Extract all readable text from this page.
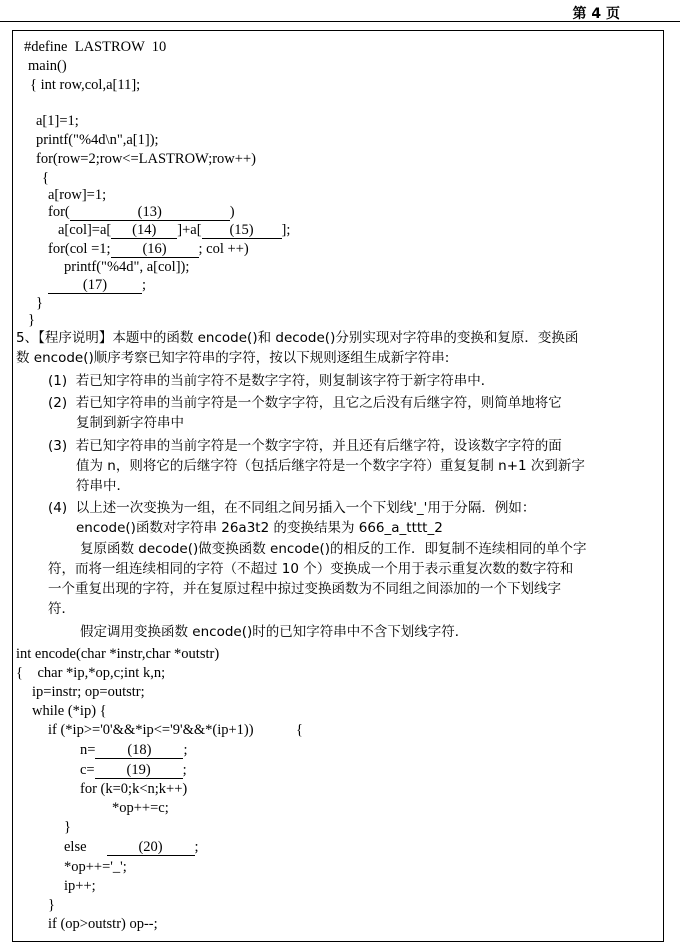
第 4 页
#define  LASTROW  10
main()
{ int row,col,a[11];
a[1]=1;
printf("%4d\n",a[1]);
for(row=2;row<=LASTROW;row++)
{
a[row]=1;
for(	(13)	)
a[col]=a[ (14) ]+a[ (15) ];
for(col =1; (16) ; col ++)
printf("%4d", a[col]);
(17) ;
}
}
5、【程序说明】本题中的函数 encode()和 decode()分别实现对字符串的变换和复原．变换函
数 encode()顺序考察已知字符串的字符，按以下规则逐组生成新字符串:
(1)  若已知字符串的当前字符不是数字字符，则复制该字符于新字符串中．
(2)  若已知字符串的当前字符是一个数字字符，且它之后没有后继字符，则简单地将它
复制到新字符串中
(3)  若已知字符串的当前字符是一个数字字符，并且还有后继字符，设该数字字符的面
值为 n，则将它的后继字符（包括后继字符是一个数字字符）重复复制 n+1 次到新字
符串中．
(4)  以上述一次变换为一组，在不同组之间另插入一个下划线'_'用于分隔．例如：
encode()函数对字符串 26a3t2 的变换结果为 666_a_tttt_2
复原函数 decode()做变换函数 encode()的相反的工作．即复制不连续相同的单个字
符，而将一组连续相同的字符（不超过 10 个）变换成一个用于表示重复次数的数字符和
一个重复出现的字符，并在复原过程中掠过变换函数为不同组之间添加的一个下划线字
符．
假定调用变换函数 encode()时的已知字符串中不含下划线字符．
int encode(char *instr,char *outstr)
{    char *ip,*op,c;int k,n;
ip=instr; op=outstr;
while (*ip) {
if (*ip>='0'&&*ip<='9'&&*(ip+1))	{
n= (18) ;
c= (19) ;
for (k=0;k<n;k++)
*op++=c;
}
else	(20) ;
*op++='_';
ip++;
}
if (op>outstr) op--;
